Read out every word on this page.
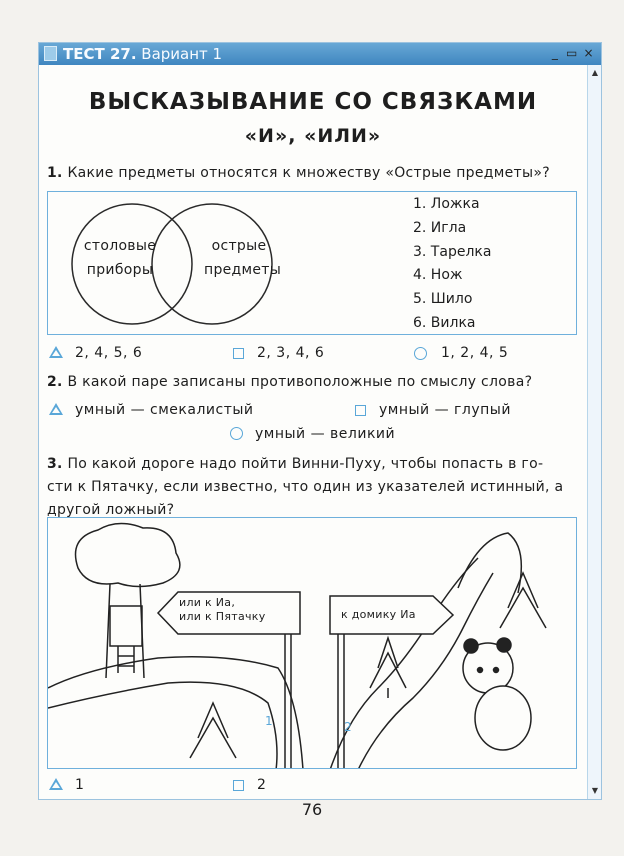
ТЕСТ 27. Вариант 1	_ ▭ ×
▲
▼
ВЫСКАЗЫВАНИЕ СО СВЯЗКАМИ
«И», «ИЛИ»
1. Какие предметы относятся к множеству «Острые предметы»?
столовые
приборы
острые
предметы
1. Ложка
2. Игла
3. Тарелка
4. Нож
5. Шило
6. Вилка
2, 4, 5, 6	2, 3, 4, 6	1, 2, 4, 5
2. В какой паре записаны противоположные по смыслу слова?
умный — смекалистый	умный — глупый
умный — великий
3. По какой дороге надо пойти Винни-Пуху, чтобы попасть в го-
сти к Пятачку, если известно, что один из указателей истинный, а
другой ложный?
или к Иа,
или к Пятачку	к домику Иа
1	2
1	2
76
